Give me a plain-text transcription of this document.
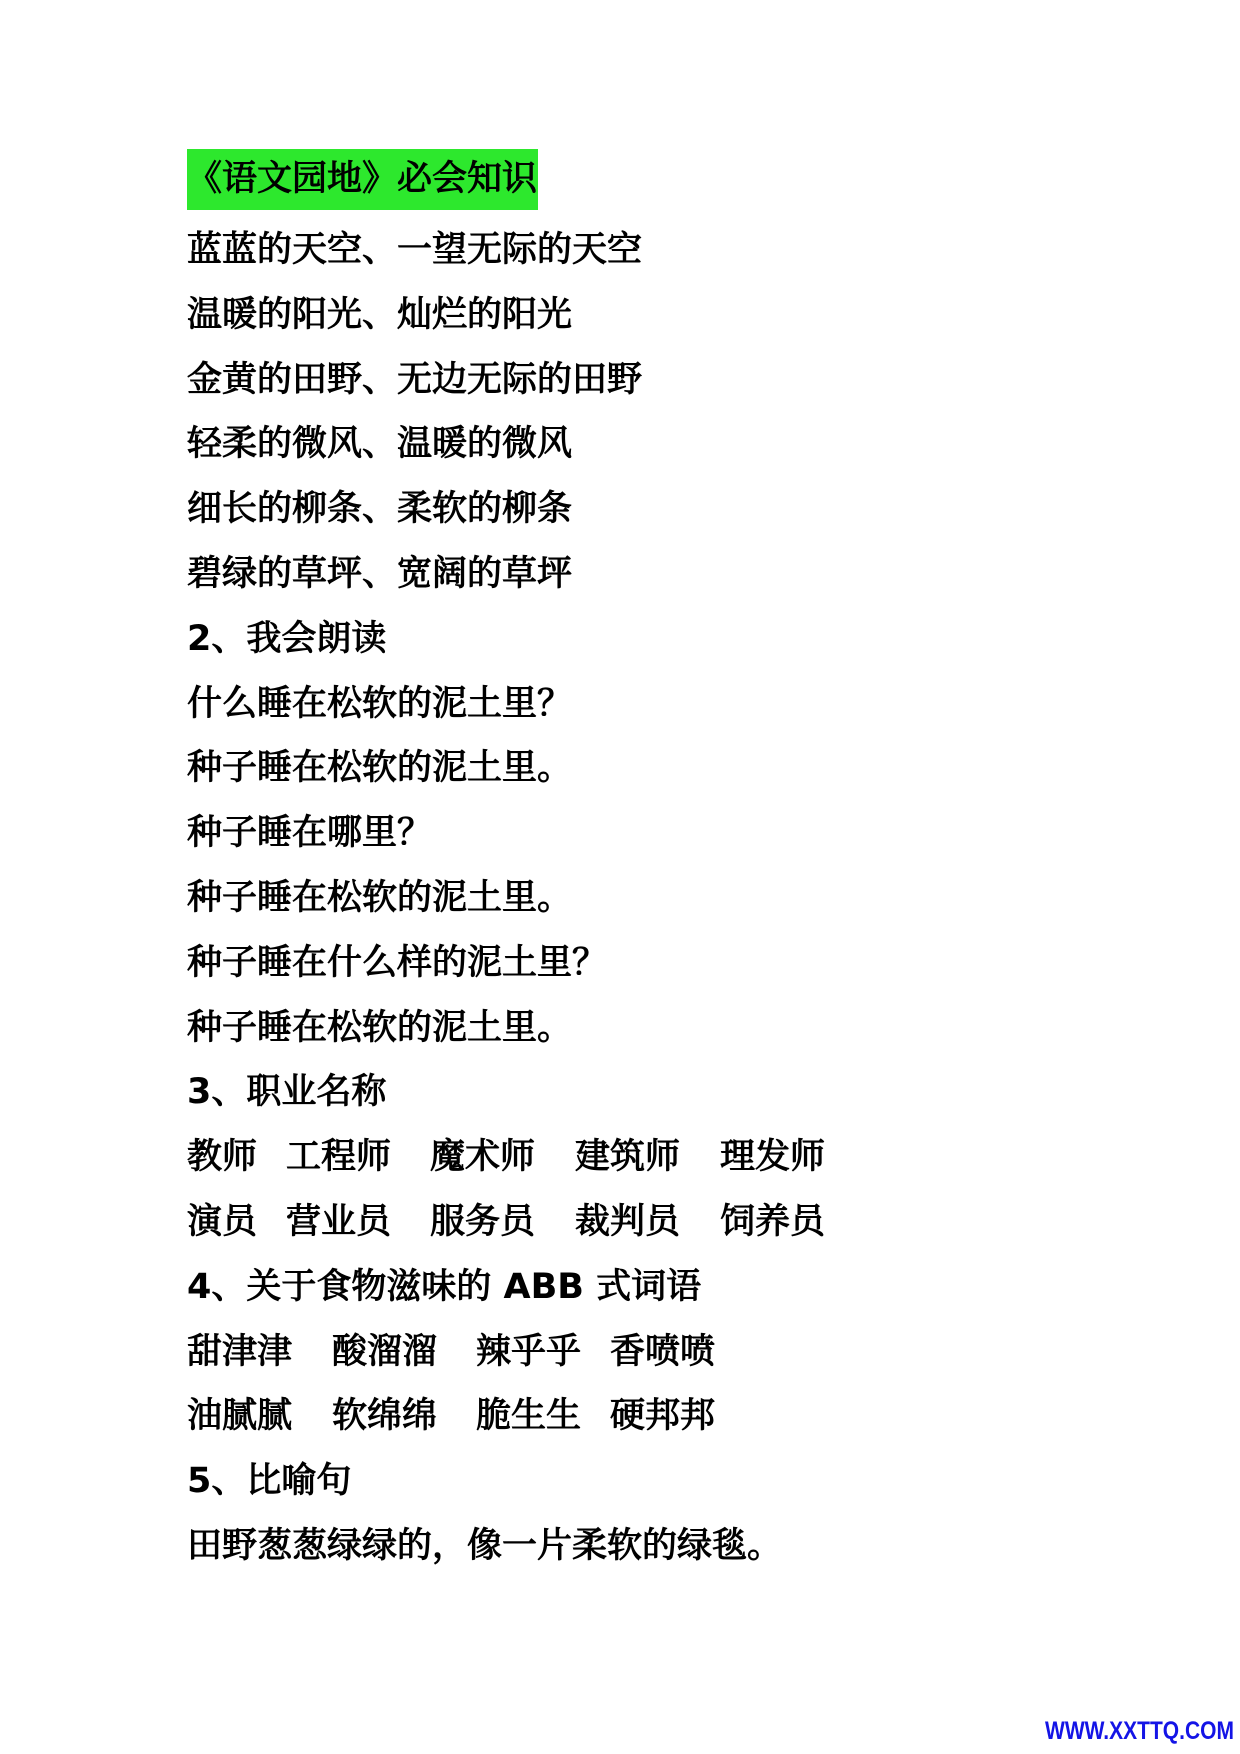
《语文园地》必会知识
蓝蓝的天空、一望无际的天空
温暖的阳光、灿烂的阳光
金黄的田野、无边无际的田野
轻柔的微风、温暖的微风
细长的柳条、柔软的柳条
碧绿的草坪、宽阔的草坪
2、我会朗读
什么睡在松软的泥土里？
种子睡在松软的泥土里。
种子睡在哪里？
种子睡在松软的泥土里。
种子睡在什么样的泥土里？
种子睡在松软的泥土里。
3、职业名称
教师 工程师 魔术师 建筑师 理发师
演员 营业员 服务员 裁判员 饲养员
4、关于食物滋味的 ABB 式词语
甜津津 酸溜溜 辣乎乎 香喷喷
油腻腻 软绵绵 脆生生 硬邦邦
5、比喻句
田野葱葱绿绿的，像一片柔软的绿毯。
WWW.XXTTQ.COM
